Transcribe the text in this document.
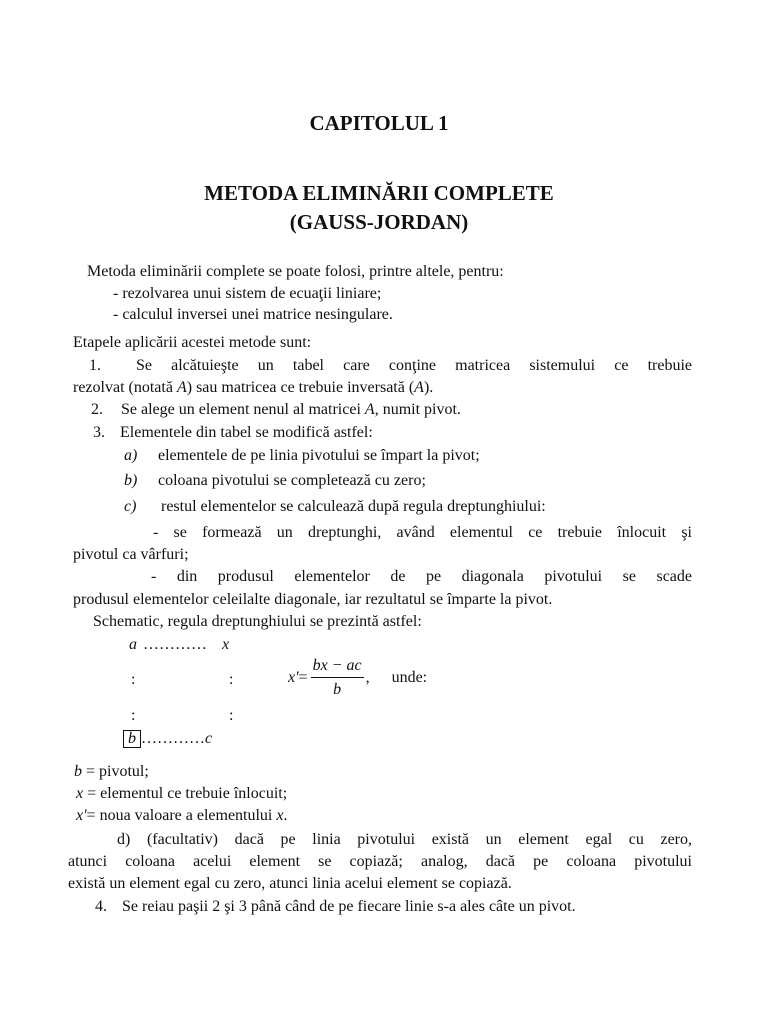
CAPITOLUL 1
METODA ELIMINĂRII COMPLETE
(GAUSS-JORDAN)
Metoda eliminării complete se poate folosi, printre altele, pentru:
- rezolvarea unui sistem de ecuaţii liniare;
- calculul inversei unei matrice nesingulare.
Etapele aplicării acestei metode sunt:
1. Se alcătuieşte un tabel care conţine matricea sistemului ce trebuie
rezolvat (notată A) sau matricea ce trebuie inversată (A).
2. Se alege un element nenul al matricei A, numit pivot.
3. Elementele din tabel se modifică astfel:
a) elementele de pe linia pivotului se împart la pivot;
b) coloana pivotului se completează cu zero;
c) restul elementelor se calculează după regula dreptunghiului:
- se formează un dreptunghi, având elementul ce trebuie înlocuit şi
pivotul ca vârfuri;
- din produsul elementelor de pe diagonala pivotului se scade
produsul elementelor celeilalte diagonale, iar rezultatul se împarte la pivot.
Schematic, regula dreptunghiului se prezintă astfel:
a ………… x
:	:
:	:
b …………c
$x' = \frac{bx - ac}{b}$ , unde:
b = pivotul;
x = elementul ce trebuie înlocuit;
x'= noua valoare a elementului x.
d) (facultativ) dacă pe linia pivotului există un element egal cu zero,
atunci coloana acelui element se copiază; analog, dacă pe coloana pivotului
există un element egal cu zero, atunci linia acelui element se copiază.
4. Se reiau paşii 2 şi 3 până când de pe fiecare linie s-a ales câte un pivot.
